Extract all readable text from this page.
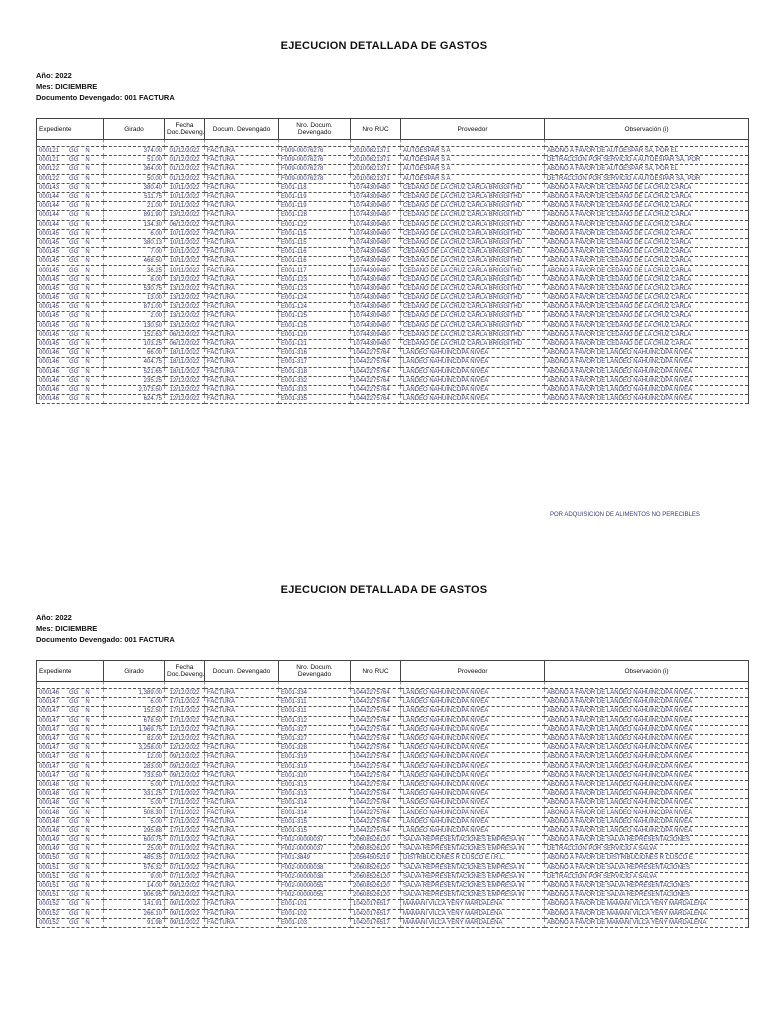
EJECUCION DETALLADA DE GASTOS
Año: 2022
Mes: DICIEMBRE
Documento Devengado: 001 FACTURA
Expediente	Girado	Fecha Doc.Deveng.	Docum. Devengado	Nro. Docum. Devengado	Nro RUC	Proveedor	Observación (i)

000121 GG N	374.00	01/12/2022	FACTURA	F009-00076276	20100821371	AUTOESPAR S A	ABONO A FAVOR DE AUTOESPAR SA, POR EL
000121 GG N	51.00	01/12/2022	FACTURA	F009-00076276	20100821371	AUTOESPAR S A	DETRACCION POR SERVICIO A AUTOESPAR SA, POR
000122 GG N	364.00	01/12/2022	FACTURA	F009-00076278	20100821371	AUTOESPAR S A	ABONO A FAVOR DE AUTOESPAR SA, POR EL
000122 GG N	50.00	01/12/2022	FACTURA	F009-00076278	20100821371	AUTOESPAR S A	DETRACCION POR SERVICIO A AUTOESPAR SA, POR
000143 GG N	380.40	10/11/2022	FACTURA	E001-118	10744309480	CEDANO DE LA CRUZ CARLA BRIGGITHD	ABONO A FAVOR DE CEDANO DE LA CRUZ CARLA
000144 GG N	511.75	10/11/2022	FACTURA	E001-119	10744309480	CEDANO DE LA CRUZ CARLA BRIGGITHD	ABONO A FAVOR DE CEDANO DE LA CRUZ CARLA
000144 GG N	21.00	10/11/2022	FACTURA	E001-119	10744309480	CEDANO DE LA CRUZ CARLA BRIGGITHD	ABONO A FAVOR DE CEDANO DE LA CRUZ CARLA
000144 GG N	891.90	13/12/2022	FACTURA	E001-128	10744309480	CEDANO DE LA CRUZ CARLA BRIGGITHD	ABONO A FAVOR DE CEDANO DE LA CRUZ CARLA
000144 GG N	134.30	06/12/2022	FACTURA	E001-122	10744309480	CEDANO DE LA CRUZ CARLA BRIGGITHD	ABONO A FAVOR DE CEDANO DE LA CRUZ CARLA
000145 GG N	6.00	10/11/2022	FACTURA	E001-115	10744309480	CEDANO DE LA CRUZ CARLA BRIGGITHD	ABONO A FAVOR DE CEDANO DE LA CRUZ CARLA
000145 GG N	380.13	10/11/2022	FACTURA	E001-115	10744309480	CEDANO DE LA CRUZ CARLA BRIGGITHD	ABONO A FAVOR DE CEDANO DE LA CRUZ CARLA
000145 GG N	7.00	10/11/2022	FACTURA	E001-116	10744309480	CEDANO DE LA CRUZ CARLA BRIGGITHD	ABONO A FAVOR DE CEDANO DE LA CRUZ CARLA
000145 GG N	468.50	10/11/2022	FACTURA	E001-116	10744309480	CEDANO DE LA CRUZ CARLA BRIGGITHD	ABONO A FAVOR DE CEDANO DE LA CRUZ CARLA
000145 GG N	36.25	10/11/2022	FACTURA	E001-117	10744309480	CEDANO DE LA CRUZ CARLA BRIGGITHD	ABONO A FAVOR DE CEDANO DE LA CRUZ CARLA
000145 GG N	8.00	13/12/2022	FACTURA	E001-123	10744309480	CEDANO DE LA CRUZ CARLA BRIGGITHD	ABONO A FAVOR DE CEDANO DE LA CRUZ CARLA
000145 GG N	530.75	13/12/2022	FACTURA	E001-123	10744309480	CEDANO DE LA CRUZ CARLA BRIGGITHD	ABONO A FAVOR DE CEDANO DE LA CRUZ CARLA
000145 GG N	13.00	13/12/2022	FACTURA	E001-124	10744309480	CEDANO DE LA CRUZ CARLA BRIGGITHD	ABONO A FAVOR DE CEDANO DE LA CRUZ CARLA
000145 GG N	871.00	13/12/2022	FACTURA	E001-124	10744309480	CEDANO DE LA CRUZ CARLA BRIGGITHD	ABONO A FAVOR DE CEDANO DE LA CRUZ CARLA
000145 GG N	2.00	13/12/2022	FACTURA	E001-125	10744309480	CEDANO DE LA CRUZ CARLA BRIGGITHD	ABONO A FAVOR DE CEDANO DE LA CRUZ CARLA
000145 GG N	130.50	13/12/2022	FACTURA	E001-125	10744309480	CEDANO DE LA CRUZ CARLA BRIGGITHD	ABONO A FAVOR DE CEDANO DE LA CRUZ CARLA
000145 GG N	152.63	06/12/2022	FACTURA	E001-120	10744309480	CEDANO DE LA CRUZ CARLA BRIGGITHD	ABONO A FAVOR DE CEDANO DE LA CRUZ CARLA
000145 GG N	103.25	06/12/2022	FACTURA	E001-121	10744309480	CEDANO DE LA CRUZ CARLA BRIGGITHD	ABONO A FAVOR DE CEDANO DE LA CRUZ CARLA
000146 GG N	66.00	18/11/2022	FACTURA	E001-316	10442275764	LANDEO NAHUINCOPA NIVEA	ABONO A FAVOR DE LANDEO NAHUINCOPA NIVEA
000146 GG N	404.75	18/11/2022	FACTURA	E001-317	10442275764	LANDEO NAHUINCOPA NIVEA	ABONO A FAVOR DE LANDEO NAHUINCOPA NIVEA
000146 GG N	521.65	18/11/2022	FACTURA	E001-318	10442275764	LANDEO NAHUINCOPA NIVEA	ABONO A FAVOR DE LANDEO NAHUINCOPA NIVEA
000146 GG N	235.25	12/12/2022	FACTURA	E001-332	10442275764	LANDEO NAHUINCOPA NIVEA	ABONO A FAVOR DE LANDEO NAHUINCOPA NIVEA
000146 GG N	2,073.50	12/12/2022	FACTURA	E001-333	10442275764	LANDEO NAHUINCOPA NIVEA	ABONO A FAVOR DE LANDEO NAHUINCOPA NIVEA
000146 GG N	624.75	12/12/2022	FACTURA	E001-335	10442275764	LANDEO NAHUINCOPA NIVEA	ABONO A FAVOR DE LANDEO NAHUINCOPA NIVEA
POR ADQUISICION DE ALIMENTOS NO PERECIBLES
EJECUCION DETALLADA DE GASTOS
Año: 2022
Mes: DICIEMBRE
Documento Devengado: 001 FACTURA
Expediente	Girado	Fecha Doc.Deveng.	Docum. Devengado	Nro. Docum. Devengado	Nro RUC	Proveedor	Observación (i)

000146 GG N	1,389.00	12/12/2022	FACTURA	E001-334	10442275764	LANDEO NAHUINCOPA NIVEA	ABONO A FAVOR DE LANDEO NAHUINCOPA NIVEA ,
000147 GG N	6.00	17/11/2022	FACTURA	E001-311	10442275764	LANDEO NAHUINCOPA NIVEA	ABONO A FAVOR DE LANDEO NAHUINCOPA NIVEA
000147 GG N	152.50	17/11/2022	FACTURA	E001-311	10442275764	LANDEO NAHUINCOPA NIVEA	ABONO A FAVOR DE LANDEO NAHUINCOPA NIVEA
000147 GG N	678.50	17/11/2022	FACTURA	E001-312	10442275764	LANDEO NAHUINCOPA NIVEA	ABONO A FAVOR DE LANDEO NAHUINCOPA NIVEA
000147 GG N	1,969.75	12/12/2022	FACTURA	E001-327	10442275764	LANDEO NAHUINCOPA NIVEA	ABONO A FAVOR DE LANDEO NAHUINCOPA NIVEA
000147 GG N	82.00	12/12/2022	FACTURA	E001-327	10442275764	LANDEO NAHUINCOPA NIVEA	ABONO A FAVOR DE LANDEO NAHUINCOPA NIVEA
000147 GG N	3,258.00	12/12/2022	FACTURA	E001-328	10442275764	LANDEO NAHUINCOPA NIVEA	ABONO A FAVOR DE LANDEO NAHUINCOPA NIVEA
000147 GG N	12.00	09/12/2022	FACTURA	E001-319	10442275764	LANDEO NAHUINCOPA NIVEA	ABONO A FAVOR DE LANDEO NAHUINCOPA NIVEA
000147 GG N	283.00	09/12/2022	FACTURA	E001-319	10442275764	LANDEO NAHUINCOPA NIVEA	ABONO A FAVOR DE LANDEO NAHUINCOPA NIVEA
000147 GG N	733.50	09/12/2022	FACTURA	E001-320	10442275764	LANDEO NAHUINCOPA NIVEA	ABONO A FAVOR DE LANDEO NAHUINCOPA NIVEA
000148 GG N	5.00	17/11/2022	FACTURA	E001-313	10442275764	LANDEO NAHUINCOPA NIVEA	ABONO A FAVOR DE LANDEO NAHUINCOPA NIVEA
000148 GG N	331.25	17/11/2022	FACTURA	E001-313	10442275764	LANDEO NAHUINCOPA NIVEA	ABONO A FAVOR DE LANDEO NAHUINCOPA NIVEA
000148 GG N	5.00	17/11/2022	FACTURA	E001-314	10442275764	LANDEO NAHUINCOPA NIVEA	ABONO A FAVOR DE LANDEO NAHUINCOPA NIVEA
000148 GG N	508.30	17/11/2022	FACTURA	E001-314	10442275764	LANDEO NAHUINCOPA NIVEA	ABONO A FAVOR DE LANDEO NAHUINCOPA NIVEA
000148 GG N	5.00	17/11/2022	FACTURA	E001-315	10442275764	LANDEO NAHUINCOPA NIVEA	ABONO A FAVOR DE LANDEO NAHUINCOPA NIVEA
000148 GG N	295.88	17/11/2022	FACTURA	E001-315	10442275764	LANDEO NAHUINCOPA NIVEA	ABONO A FAVOR DE LANDEO NAHUINCOPA NIVEA
000149 GG N	600.75	07/11/2022	FACTURA	F002-00000037	20608526120	SALVA REPRESENTACIONES EMPRESA IN	ABONO A FAVOR DE SALVA REPRESENTACIONES
000149 GG N	25.00	07/11/2022	FACTURA	F002-00000037	20608526120	SALVA REPRESENTACIONES EMPRESA IN	DETRACCION POR SERVICIO A SALVA
000150 GG N	485.35	07/11/2022	FACTURA	F001-3849	20564505219	DISTRIBUCIONES R CUSCO E.I.R.L.	ABONO A FAVOR DE DISTRIBUCIONES R CUSCO E
000151 GG N	576.32	07/11/2022	FACTURA	F002-00000038	20608526120	SALVA REPRESENTACIONES EMPRESA IN	ABONO A FAVOR DE SALVA REPRESENTACIONES
000151 GG N	9.00	07/11/2022	FACTURA	F002-00000038	20608526120	SALVA REPRESENTACIONES EMPRESA IN	DETRACCION POR SERVICIO A SALVA
000151 GG N	14.00	09/12/2022	FACTURA	F002-00000055	20608526120	SALVA REPRESENTACIONES EMPRESA IN	ABONO A FAVOR DE SALVA REPRESENTACIONES
000151 GG N	906.95	09/12/2022	FACTURA	F002-00000055	20608526120	SALVA REPRESENTACIONES EMPRESA IN	ABONO A FAVOR DE SALVA REPRESENTACIONES
000152 GG N	141.91	09/11/2022	FACTURA	E001-101	10420176517	MAMANI VILCA YENY MARDALENA	ABONO A FAVOR DE MAMANI VILCA YENY MARDALENA
000152 GG N	266.10	09/11/2022	FACTURA	E001-102	10420176517	MAMANI VILCA YENY MARDALENA	ABONO A FAVOR DE MAMANI VILCA YENY MARDALENA
000152 GG N	91.98	09/11/2022	FACTURA	E001-103	10420176517	MAMANI VILCA YENY MARDALENA	ABONO A FAVOR DE MAMANI VILCA YENY MARDALENA
